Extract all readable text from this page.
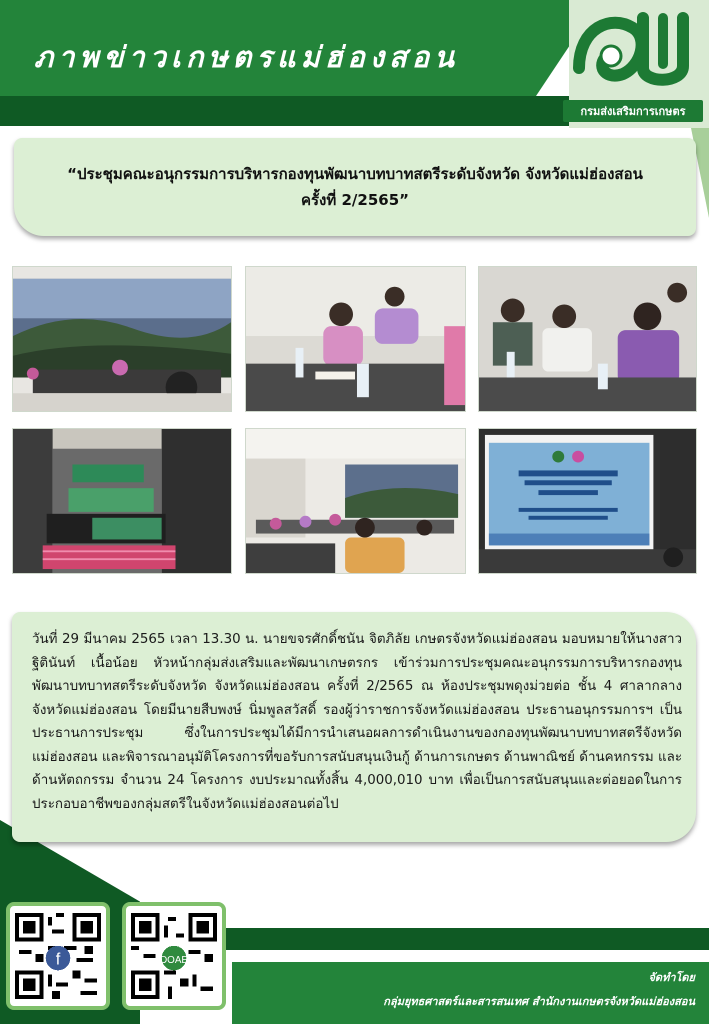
ภาพข่าวเกษตรแม่ฮ่องสอน
กรมส่งเสริมการเกษตร
“ประชุมคณะอนุกรรมการบริหารกองทุนพัฒนาบทบาทสตรีระดับจังหวัด จังหวัดแม่ฮ่องสอน
ครั้งที่ 2/2565”

วันที่ 29 มีนาคม 2565 เวลา 13.30 น. นายขจรศักดิ์ชนัน จิตภิลัย เกษตรจังหวัดแม่ฮ่องสอน มอบหมายให้นางสาวฐิตินันท์ เนื้อน้อย หัวหน้ากลุ่มส่งเสริมและพัฒนาเกษตรกร เข้าร่วมการประชุมคณะอนุกรรมการบริหารกองทุนพัฒนาบทบาทสตรีระดับจังหวัด จังหวัดแม่ฮ่องสอน ครั้งที่ 2/2565 ณ ห้องประชุมพดุงม่วยต่อ ชั้น 4 ศาลากลางจังหวัดแม่ฮ่องสอน โดยมีนายสืบพงษ์ นิ่มพูลสวัสดิ์ รองผู้ว่าราชการจังหวัดแม่ฮ่องสอน ประธานอนุกรรมการฯ เป็นประธานการประชุม ซึ่งในการประชุมได้มีการนำเสนอผลการดำเนินงานของกองทุนพัฒนาบทบาทสตรีจังหวัดแม่ฮ่องสอน และพิจารณาอนุมัติโครงการที่ขอรับการสนับสนุนเงินกู้ ด้านการเกษตร ด้านพาณิชย์ ด้านคหกรรม และด้านหัตถกรรม จำนวน 24 โครงการ งบประมาณทั้งสิ้น 4,000,010 บาท เพื่อเป็นการสนับสนุนและต่อยอดในการประกอบอาชีพของกลุ่มสตรีในจังหวัดแม่ฮ่องสอนต่อไป

f	DOAE
จัดทำโดย
กลุ่มยุทธศาสตร์และสารสนเทศ สำนักงานเกษตรจังหวัดแม่ฮ่องสอน
